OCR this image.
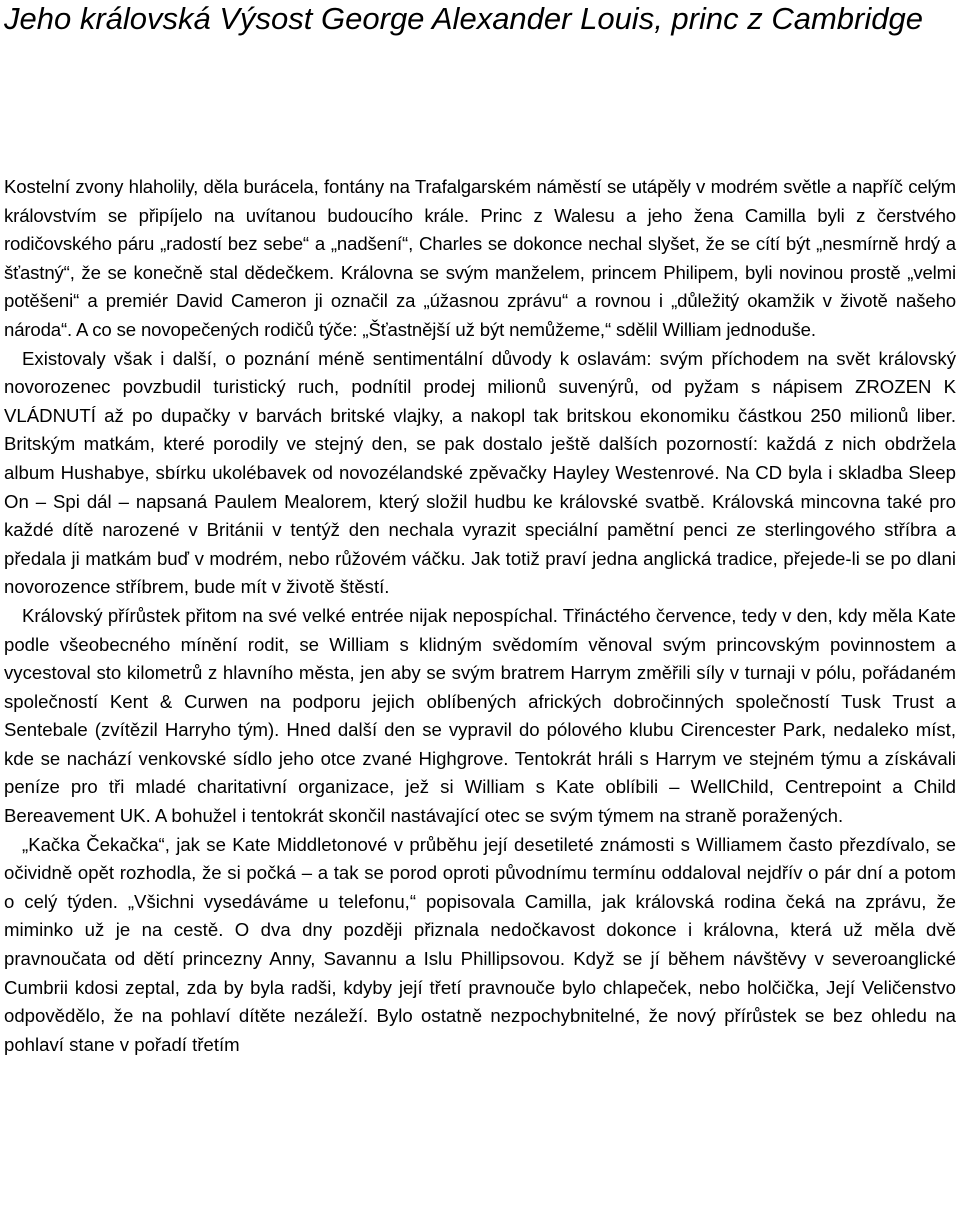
Jeho královská Výsost George Alexander Louis, princ z Cambridge

Kostelní zvony hlaholily, děla burácela, fontány na Trafalgarském náměstí se utápěly v modrém světle a napříč celým královstvím se připíjelo na uvítanou budoucího krále. Princ z Walesu a jeho žena Camilla byli z čerstvého rodičovského páru „radostí bez sebe“ a „nadšení“, Charles se dokonce nechal slyšet, že se cítí být „nesmírně hrdý a šťastný“, že se konečně stal dědečkem. Královna se svým manželem, princem Philipem, byli novinou prostě „velmi potěšeni“ a premiér David Cameron ji označil za „úžasnou zprávu“ a rovnou i „důležitý okamžik v životě našeho národa“. A co se novopečených rodičů týče: „Šťastnější už být nemůžeme,“ sdělil William jednoduše.

Existovaly však i další, o poznání méně sentimentální důvody k oslavám: svým příchodem na svět královský novorozenec povzbudil turistický ruch, podnítil prodej milionů suvenýrů, od pyžam s nápisem ZROZEN K VLÁDNUTÍ až po dupačky v barvách britské vlajky, a nakopl tak britskou ekonomiku částkou 250 milionů liber. Britským matkám, které porodily ve stejný den, se pak dostalo ještě dalších pozorností: každá z nich obdržela album Hushabye, sbírku ukolébavek od novozélandské zpěvačky Hayley Westenrové. Na CD byla i skladba Sleep On – Spi dál – napsaná Paulem Mealorem, který složil hudbu ke královské svatbě. Královská mincovna také pro každé dítě narozené v Británii v tentýž den nechala vyrazit speciální pamětní penci ze sterlingového stříbra a předala ji matkám buď v modrém, nebo růžovém váčku. Jak totiž praví jedna anglická tradice, přejede-li se po dlani novorozence stříbrem, bude mít v životě štěstí.

Královský přírůstek přitom na své velké entrée nijak nepospíchal. Třináctého července, tedy v den, kdy měla Kate podle všeobecného mínění rodit, se William s klidným svědomím věnoval svým princovským povinnostem a vycestoval sto kilometrů z hlavního města, jen aby se svým bratrem Harrym změřili síly v turnaji v pólu, pořádaném společností Kent & Curwen na podporu jejich oblíbených afrických dobročinných společností Tusk Trust a Sentebale (zvítězil Harryho tým). Hned další den se vypravil do pólového klubu Cirencester Park, nedaleko míst, kde se nachází venkovské sídlo jeho otce zvané Highgrove. Tentokrát hráli s Harrym ve stejném týmu a získávali peníze pro tři mladé charitativní organizace, jež si William s Kate oblíbili – WellChild, Centrepoint a Child Bereavement UK. A bohužel i tentokrát skončil nastávající otec se svým týmem na straně poražených.

„Kačka Čekačka“, jak se Kate Middletonové v průběhu její desetileté známosti s Williamem často přezdívalo, se očividně opět rozhodla, že si počká – a tak se porod oproti původnímu termínu oddaloval nejdřív o pár dní a potom o celý týden. „Všichni vysedáváme u telefonu,“ popisovala Camilla, jak královská rodina čeká na zprávu, že miminko už je na cestě. O dva dny později přiznala nedočkavost dokonce i královna, která už měla dvě pravnoučata od dětí princezny Anny, Savannu a Islu Phillipsovou. Když se jí během návštěvy v severoanglické Cumbrii kdosi zeptal, zda by byla radši, kdyby její třetí pravnouče bylo chlapeček, nebo holčička, Její Veličenstvo odpovědělo, že na pohlaví dítěte nezáleží. Bylo ostatně nezpochybnitelné, že nový přírůstek se bez ohledu na pohlaví stane v pořadí třetím
